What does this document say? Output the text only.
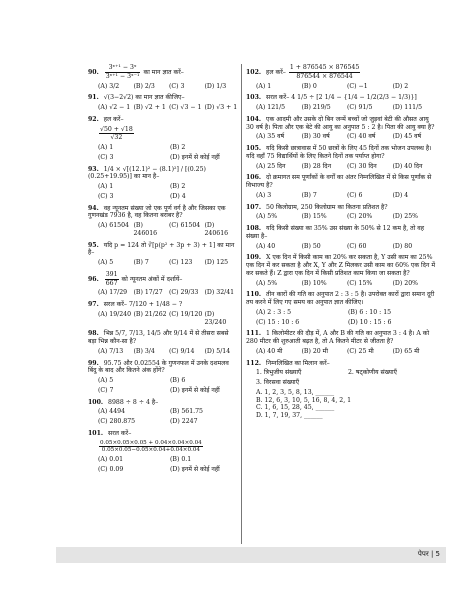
90. $\frac{\text{3ˣ⁺¹ − 3ˣ}}{\text{3ˣ⁺¹ − 3ˣ⁻¹}}$ का मान ज्ञात करें–
(A) 3/2	(B) 2/3	(C) 3	(D) 1/3
91. √(3−2√2) का मान ज्ञात कीजिए–
(A) √2 − 1 (B) √2 + 1 (C) √3 − 1 (D) √3 + 1
92. हल करें–
$\frac{√50 + √18}{√32}$
(A) 1	(B) 2
(C) 3	(D) इनमें से कोई नहीं
93. 1/4 × √[(12.1)² − (8.1)²] / [(0.25)(0.25+19.95)] का मान है–
(A) 1	(B) 2
(C) 3	(D) 4
94. वह न्यूनतम संख्या जो एक पूर्ण वर्ग है और जिसका एक गुणनखंड 7936 है, वह कितना बराबर है?
(A) 61504 (B) 246016
(C) 61504 (D) 240616
95. यदि p = 124 तो ∛[p(p² + 3p + 3) + 1] का मान है–
(A) 5	(B) 7	(C) 123	(D) 125
96. $\frac{391}{667}$ को न्यूनतम अंकों में दर्शायें–
(A) 17/29	(B) 17/27	(C) 29/33 (D) 32/41
97. सरल करें– 7/120 + 1/48 − ?
(A) 19/240 (B) 21/262 (C) 19/120 (D) 23/240
98. भिन्न 5/7, 7/13, 14/5 और 9/14 में से तीसरा सबसे बड़ा भिन्न कौन-सा है?
(A) 7/13	(B) 3/4	(C) 9/14	(D) 5/14
99. 95.75 और 0.02554 के गुणनफल में उनके दशमलव बिंदु के बाद और कितने अंक होंगे?
(A) 5	(B) 6
(C) 7	(D) इनमें से कोई नहीं
100. 8988 ÷ 8 ÷ 4 है–
(A) 4494	(B) 561.75
(C) 280.875	(D) 2247
101. सरल करें–
$\frac{0.05\times 0.05\times 0.05 + 0.04\times 0.04\times 0.04}{0.05\times 0.05-0.05\times 0.04+0.04\times 0.04}$
(A) 0.01	(B) 0.1
(C) 0.09	(D) इनमें से कोई नहीं
102. हल करें– $\frac{1 + 876545 \times 876545}{876544 \times 876544}$
(A) 1	(B) 0	(C) −1	(D) 2
103. सरल करें– 4 1/5 ÷ [2 1/4 − {1/4 − 1/2(2/3 − 1/3)}]
(A) 121/5	(B) 219/5	(C) 91/5	(D) 111/5
104. एक आदमी और उसके दो बिन जन्में बच्चों जो जुड़वां बेटी की औसत आयु 30 वर्ष है। पिता और एक बेटे की आयु का अनुपात 5 : 2 है। पिता की आयु क्या है?
(A) 35 वर्ष	(B) 30 वर्ष	(C) 40 वर्ष	(D) 45 वर्ष
105. यदि किसी छात्रावास में 50 छात्रों के लिए 45 दिनों तक भोजन उपलब्ध है। यदि वहाँ 75 विद्यार्थियों के लिए कितने दिनों तक पर्याप्त होगा?
(A) 25 दिन	(B) 28 दिन	(C) 30 दिन	(D) 40 दिन
106. दो क्रमागत सम पूर्णांकों के वर्गों का अंतर निम्नलिखित में से किस पूर्णांक से विभाज्य है?
(A) 3	(B) 7	(C) 6	(D) 4
107. 50 किलोग्राम, 250 किलोग्राम का कितना प्रतिशत है?
(A) 5%	(B) 15%	(C) 20%	(D) 25%
108. यदि किसी संख्या का 35% उस संख्या के 50% से 12 कम है, तो वह संख्या है–
(A) 40	(B) 50	(C) 60	(D) 80
109. X एक दिन में किसी काम का 20% कर सकता है, Y उसी काम का 25% एक दिन में कर सकता है और X, Y और Z मिलकर उसी काम का 60% एक दिन में कर सकते हैं। Z द्वारा एक दिन में किसी प्रतिशत काम किया जा सकता है?
(A) 5%	(B) 10%	(C) 15%	(D) 20%
110. तीन कारों की गति का अनुपात 2 : 3 : 5 है। उपरोक्त कारों द्वारा समान दूरी तय करने में लिए गए समय का अनुपात ज्ञात कीजिए।
(A) 2 : 3 : 5	(B) 6 : 10 : 15
(C) 15 : 10 : 6	(D) 10 : 15 : 6
111. 1 किलोमीटर की दौड़ में, A और B की गति का अनुपात 3 : 4 है। A को 280 मीटर की शुरुआती बढ़त है, तो A कितने मीटर से जीतता है?
(A) 40 मी	(B) 20 मी	(C) 25 मी	(D) 65 मी
112. निम्नलिखित का मिलान करें–
1. त्रिभुजीय संख्याएँ	2. षट्कोणीय संख्याएँ
3. विरसवा संख्याएँ
A. 1, 2, 3, 5, 8, 13, ______
B. 12, 6, 3, 10, 5, 16, 8, 4, 2, 1
C. 1, 6, 15, 28, 45, ______
D. 1, 7, 19, 37, ______
पेपर | 5
